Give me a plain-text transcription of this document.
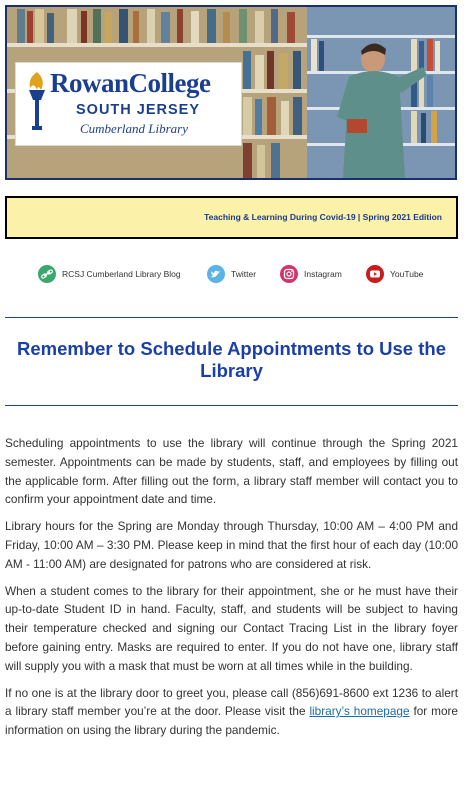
RowanCollege
SOUTH JERSEY
Cumberland Library
Teaching & Learning During Covid-19 | Spring 2021 Edition
RCSJ Cumberland Library Blog	Twitter	Instagram	YouTube
Remember to Schedule Appointments to Use the Library

Scheduling appointments to use the library will continue through the Spring 2021 semester. Appointments can be made by students, staff, and employees by filling out the applicable form. After filling out the form, a library staff member will contact you to confirm your appointment date and time.

Library hours for the Spring are Monday through Thursday, 10:00 AM – 4:00 PM and Friday, 10:00 AM – 3:30 PM. Please keep in mind that the first hour of each day (10:00 AM - 11:00 AM) are designated for patrons who are considered at risk.

When a student comes to the library for their appointment, she or he must have their up-to-date Student ID in hand. Faculty, staff, and students will be subject to having their temperature checked and signing our Contact Tracing List in the library foyer before gaining entry. Masks are required to enter. If you do not have one, library staff will supply you with a mask that must be worn at all times while in the building.

If no one is at the library door to greet you, please call (856)691-8600 ext 1236 to alert a library staff member you’re at the door. Please visit the library’s homepage for more information on using the library during the pandemic.
